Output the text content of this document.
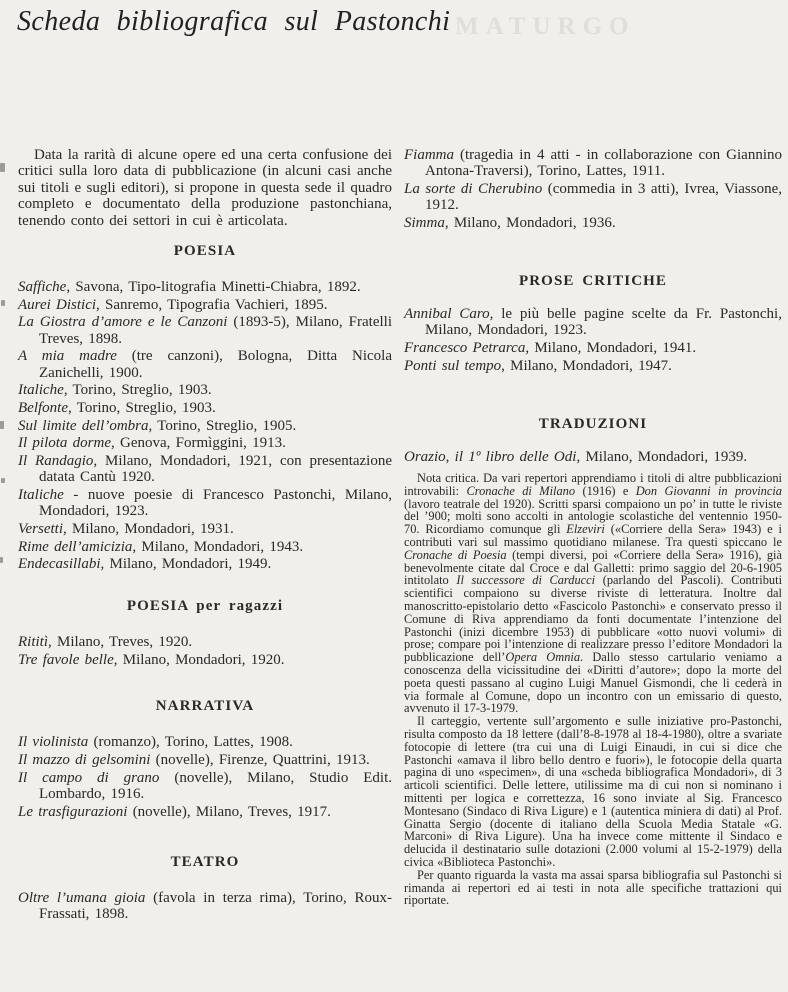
MATURGO
Scheda bibliografica sul Pastonchi

Data la rarità di alcune opere ed una certa confusione dei critici sulla loro data di pubblicazione (in alcuni casi anche sui titoli e sugli editori), si propone in questa sede il quadro completo e documentato della produzione pastonchiana, tenendo conto dei settori in cui è articolata.

POESIA

Saffiche, Savona, Tipo-litografia Minetti-Chiabra, 1892.

Aurei Distici, Sanremo, Tipografia Vachieri, 1895.

La Giostra d’amore e le Canzoni (1893-5), Milano, Fratelli Treves, 1898.

A mia madre (tre canzoni), Bologna, Ditta Nicola Zanichelli, 1900.

Italiche, Torino, Streglio, 1903.

Belfonte, Torino, Streglio, 1903.

Sul limite dell’ombra, Torino, Streglio, 1905.

Il pilota dorme, Genova, Formìggini, 1913.

Il Randagio, Milano, Mondadori, 1921, con presentazione datata Cantù 1920.

Italiche - nuove poesie di Francesco Pastonchi, Milano, Mondadori, 1923.

Versetti, Milano, Mondadori, 1931.

Rime dell’amicizia, Milano, Mondadori, 1943.

Endecasillabi, Milano, Mondadori, 1949.

POESIA per ragazzi

Rititì, Milano, Treves, 1920.

Tre favole belle, Milano, Mondadori, 1920.

NARRATIVA

Il violinista (romanzo), Torino, Lattes, 1908.

Il mazzo di gelsomini (novelle), Firenze, Quattrini, 1913.

Il campo di grano (novelle), Milano, Studio Edit. Lombardo, 1916.

Le trasfigurazioni (novelle), Milano, Treves, 1917.

TEATRO

Oltre l’umana gioia (favola in terza rima), Torino, Roux-Frassati, 1898.

Fiamma (tragedia in 4 atti - in collaborazione con Giannino Antona-Traversi), Torino, Lattes, 1911.

La sorte di Cherubino (commedia in 3 atti), Ivrea, Viassone, 1912.

Simma, Milano, Mondadori, 1936.

PROSE CRITICHE

Annibal Caro, le più belle pagine scelte da Fr. Pastonchi, Milano, Mondadori, 1923.

Francesco Petrarca, Milano, Mondadori, 1941.

Ponti sul tempo, Milano, Mondadori, 1947.

TRADUZIONI

Orazio, il 1º libro delle Odi, Milano, Mondadori, 1939.

Nota critica. Da vari repertori apprendiamo i titoli di altre pubblicazioni introvabili: Cronache di Milano (1916) e Don Giovanni in provincia (lavoro teatrale del 1920). Scritti sparsi compaiono un po’ in tutte le riviste del ’900; molti sono accolti in antologie scolastiche del ventennio 1950-70. Ricordiamo comunque gli Elzeviri («Corriere della Sera» 1943) e i contributi vari sul massimo quotidiano milanese. Tra questi spiccano le Cronache di Poesia (tempi diversi, poi «Corriere della Sera» 1916), già benevolmente citate dal Croce e dal Galletti: primo saggio del 20-6-1905 intitolato Il successore di Carducci (parlando del Pascoli). Contributi scientifici compaiono su diverse riviste di letteratura. Inoltre dal manoscritto-epistolario detto «Fascicolo Pastonchi» e conservato presso il Comune di Riva apprendiamo da fonti documentate l’intenzione del Pastonchi (inizi dicembre 1953) di pubblicare «otto nuovi volumi» di prose; compare poi l’intenzione di realizzare presso l’editore Mondadori la pubblicazione dell’Opera Omnia. Dallo stesso cartulario veniamo a conoscenza della vicissitudine dei «Diritti d’autore»; dopo la morte del poeta questi passano al cugino Luigi Manuel Gismondi, che li cederà in via formale al Comune, dopo un incontro con un emissario di questo, avvenuto il 17-3-1979.

Il carteggio, vertente sull’argomento e sulle iniziative pro-Pastonchi, risulta composto da 18 lettere (dall’8-8-1978 al 18-4-1980), oltre a svariate fotocopie di lettere (tra cui una di Luigi Einaudi, in cui si dice che Pastonchi «amava il libro bello dentro e fuori»), le fotocopie della quarta pagina di uno «specimen», di una «scheda bibliografica Mondadori», di 3 articoli scientifici. Delle lettere, utilissime ma di cui non si nominano i mittenti per logica e correttezza, 16 sono inviate al Sig. Francesco Montesano (Sindaco di Riva Ligure) e 1 (autentica miniera di dati) al Prof. Ginatta Sergio (docente di italiano della Scuola Media Statale «G. Marconi» di Riva Ligure). Una ha invece come mittente il Sindaco e delucida il destinatario sulle dotazioni (2.000 volumi al 15-2-1979) della civica «Biblioteca Pastonchi».

Per quanto riguarda la vasta ma assai sparsa bibliografia sul Pastonchi si rimanda ai repertori ed ai testi in nota alle specifiche trattazioni qui riportate.
